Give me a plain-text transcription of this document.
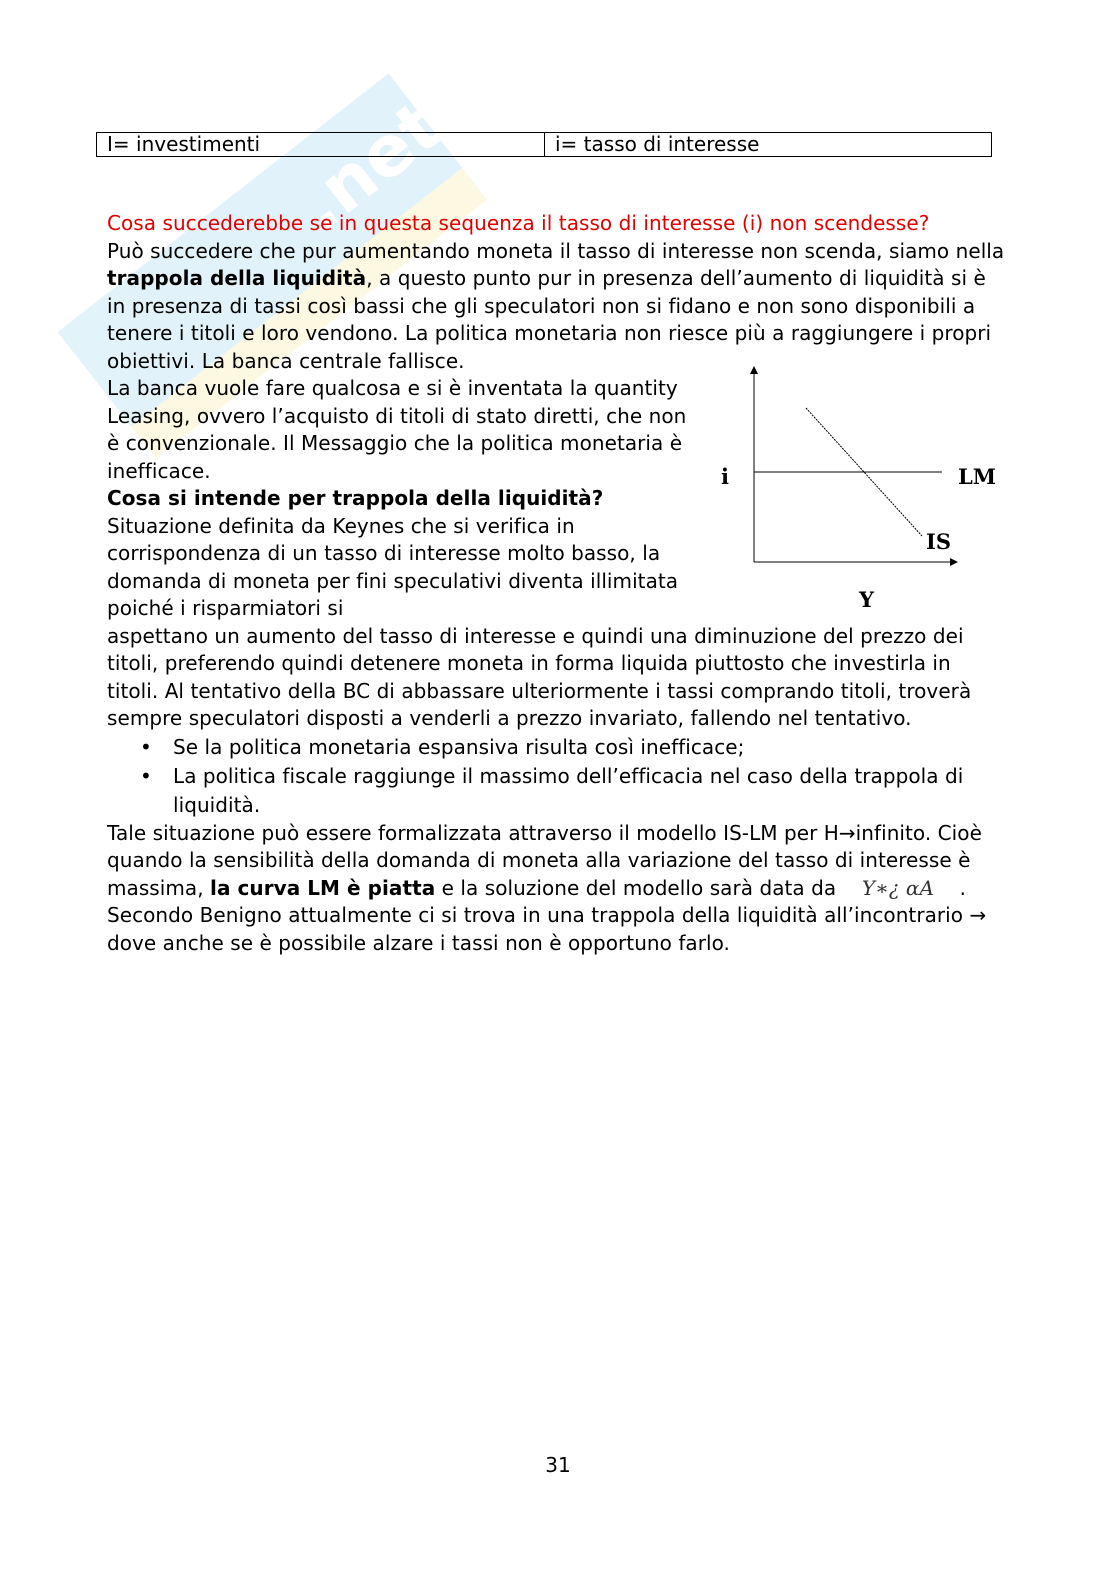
.net
I= investimenti	i= tasso di interesse

Cosa succederebbe se in questa sequenza il tasso di interesse (i) non scendesse?

Può succedere che pur aumentando moneta il tasso di interesse non scenda, siamo nella trappola della liquidità, a questo punto pur in presenza dell’aumento di liquidità si è in presenza di tassi così bassi che gli speculatori non si fidano e non sono disponibili a tenere i titoli e loro vendono. La politica monetaria non riesce più a raggiungere i propri obiettivi. La banca centrale fallisce.

La banca vuole fare qualcosa e si è inventata la quantity Leasing, ovvero l’acquisto di titoli di stato diretti, che non è convenzionale. Il Messaggio che la politica monetaria è inefficace.

Cosa si intende per trappola della liquidità?

Situazione definita da Keynes che si verifica in corrispondenza di un tasso di interesse molto basso, la domanda di moneta per fini speculativi diventa illimitata poiché i risparmiatori si
aspettano un aumento del tasso di interesse e quindi una diminuzione del prezzo dei titoli, preferendo quindi detenere moneta in forma liquida piuttosto che investirla in titoli. Al tentativo della BC di abbassare ulteriormente i tassi comprando titoli, troverà sempre speculatori disposti a venderli a prezzo invariato, fallendo nel tentativo.

• Se la politica monetaria espansiva risulta così inefficace;
• La politica fiscale raggiunge il massimo dell’efficacia nel caso della trappola di liquidità.

Tale situazione può essere formalizzata attraverso il modello IS-LM per H→infinito. Cioè quando la sensibilità della domanda di moneta alla variazione del tasso di interesse è massima, la curva LM è piatta e la soluzione del modello sarà data da    Y∗¿ αA    .

Secondo Benigno attualmente ci si trova in una trappola della liquidità all’incontrario → dove anche se è possibile alzare i tassi non è opportuno farlo.

i	LM
IS
Y
31
